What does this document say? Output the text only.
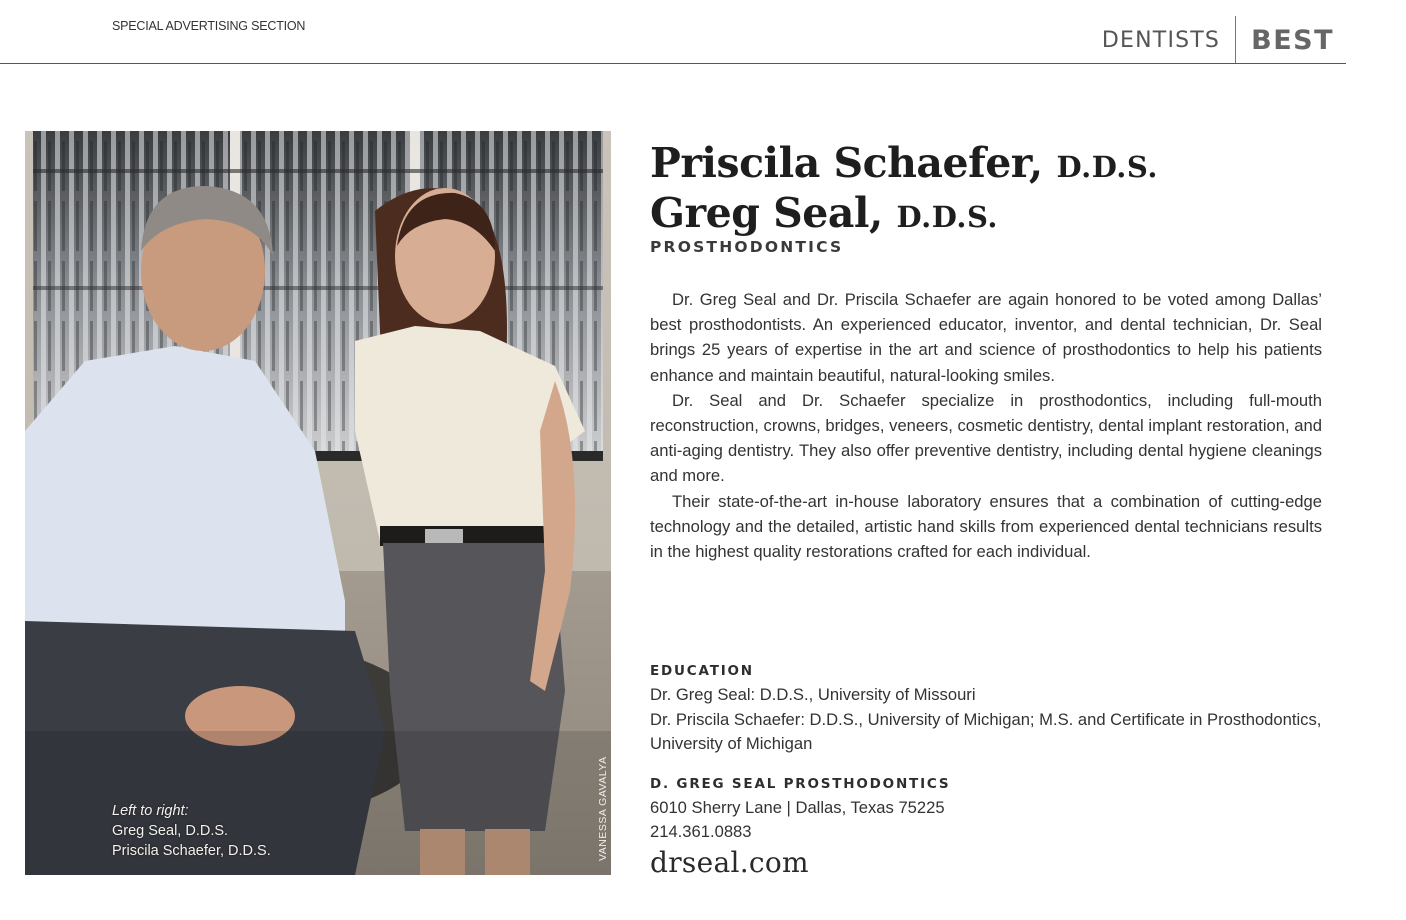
SPECIAL ADVERTISING SECTION
DENTISTS	BEST
Left to right:
Greg Seal, D.D.S.
Priscila Schaefer, D.D.S.	VANESSA GAVALYA
Priscila Schaefer, D.D.S.
Greg Seal, D.D.S.
PROSTHODONTICS

Dr. Greg Seal and Dr. Priscila Schaefer are again honored to be voted among Dallas’ best prosthodontists. An experienced educator, inventor, and dental technician, Dr. Seal brings 25 years of expertise in the art and science of prosthodontics to help his patients enhance and maintain beautiful, natural-looking smiles.

Dr. Seal and Dr. Schaefer specialize in prosthodontics, including full-mouth reconstruction, crowns, bridges, veneers, cosmetic dentistry, dental implant restoration, and anti-aging dentistry. They also offer preventive dentistry, including dental hygiene cleanings and more.

Their state-of-the-art in-house laboratory ensures that a combination of cutting-edge technology and the detailed, artistic hand skills from experienced dental technicians results in the highest quality restorations crafted for each individual.

EDUCATION
Dr. Greg Seal: D.D.S., University of Missouri
Dr. Priscila Schaefer: D.D.S., University of Michigan; M.S. and Certificate in Prosthodontics, University of Michigan
D. GREG SEAL PROSTHODONTICS
6010 Sherry Lane | Dallas, Texas 75225
214.361.0883
drseal.com
